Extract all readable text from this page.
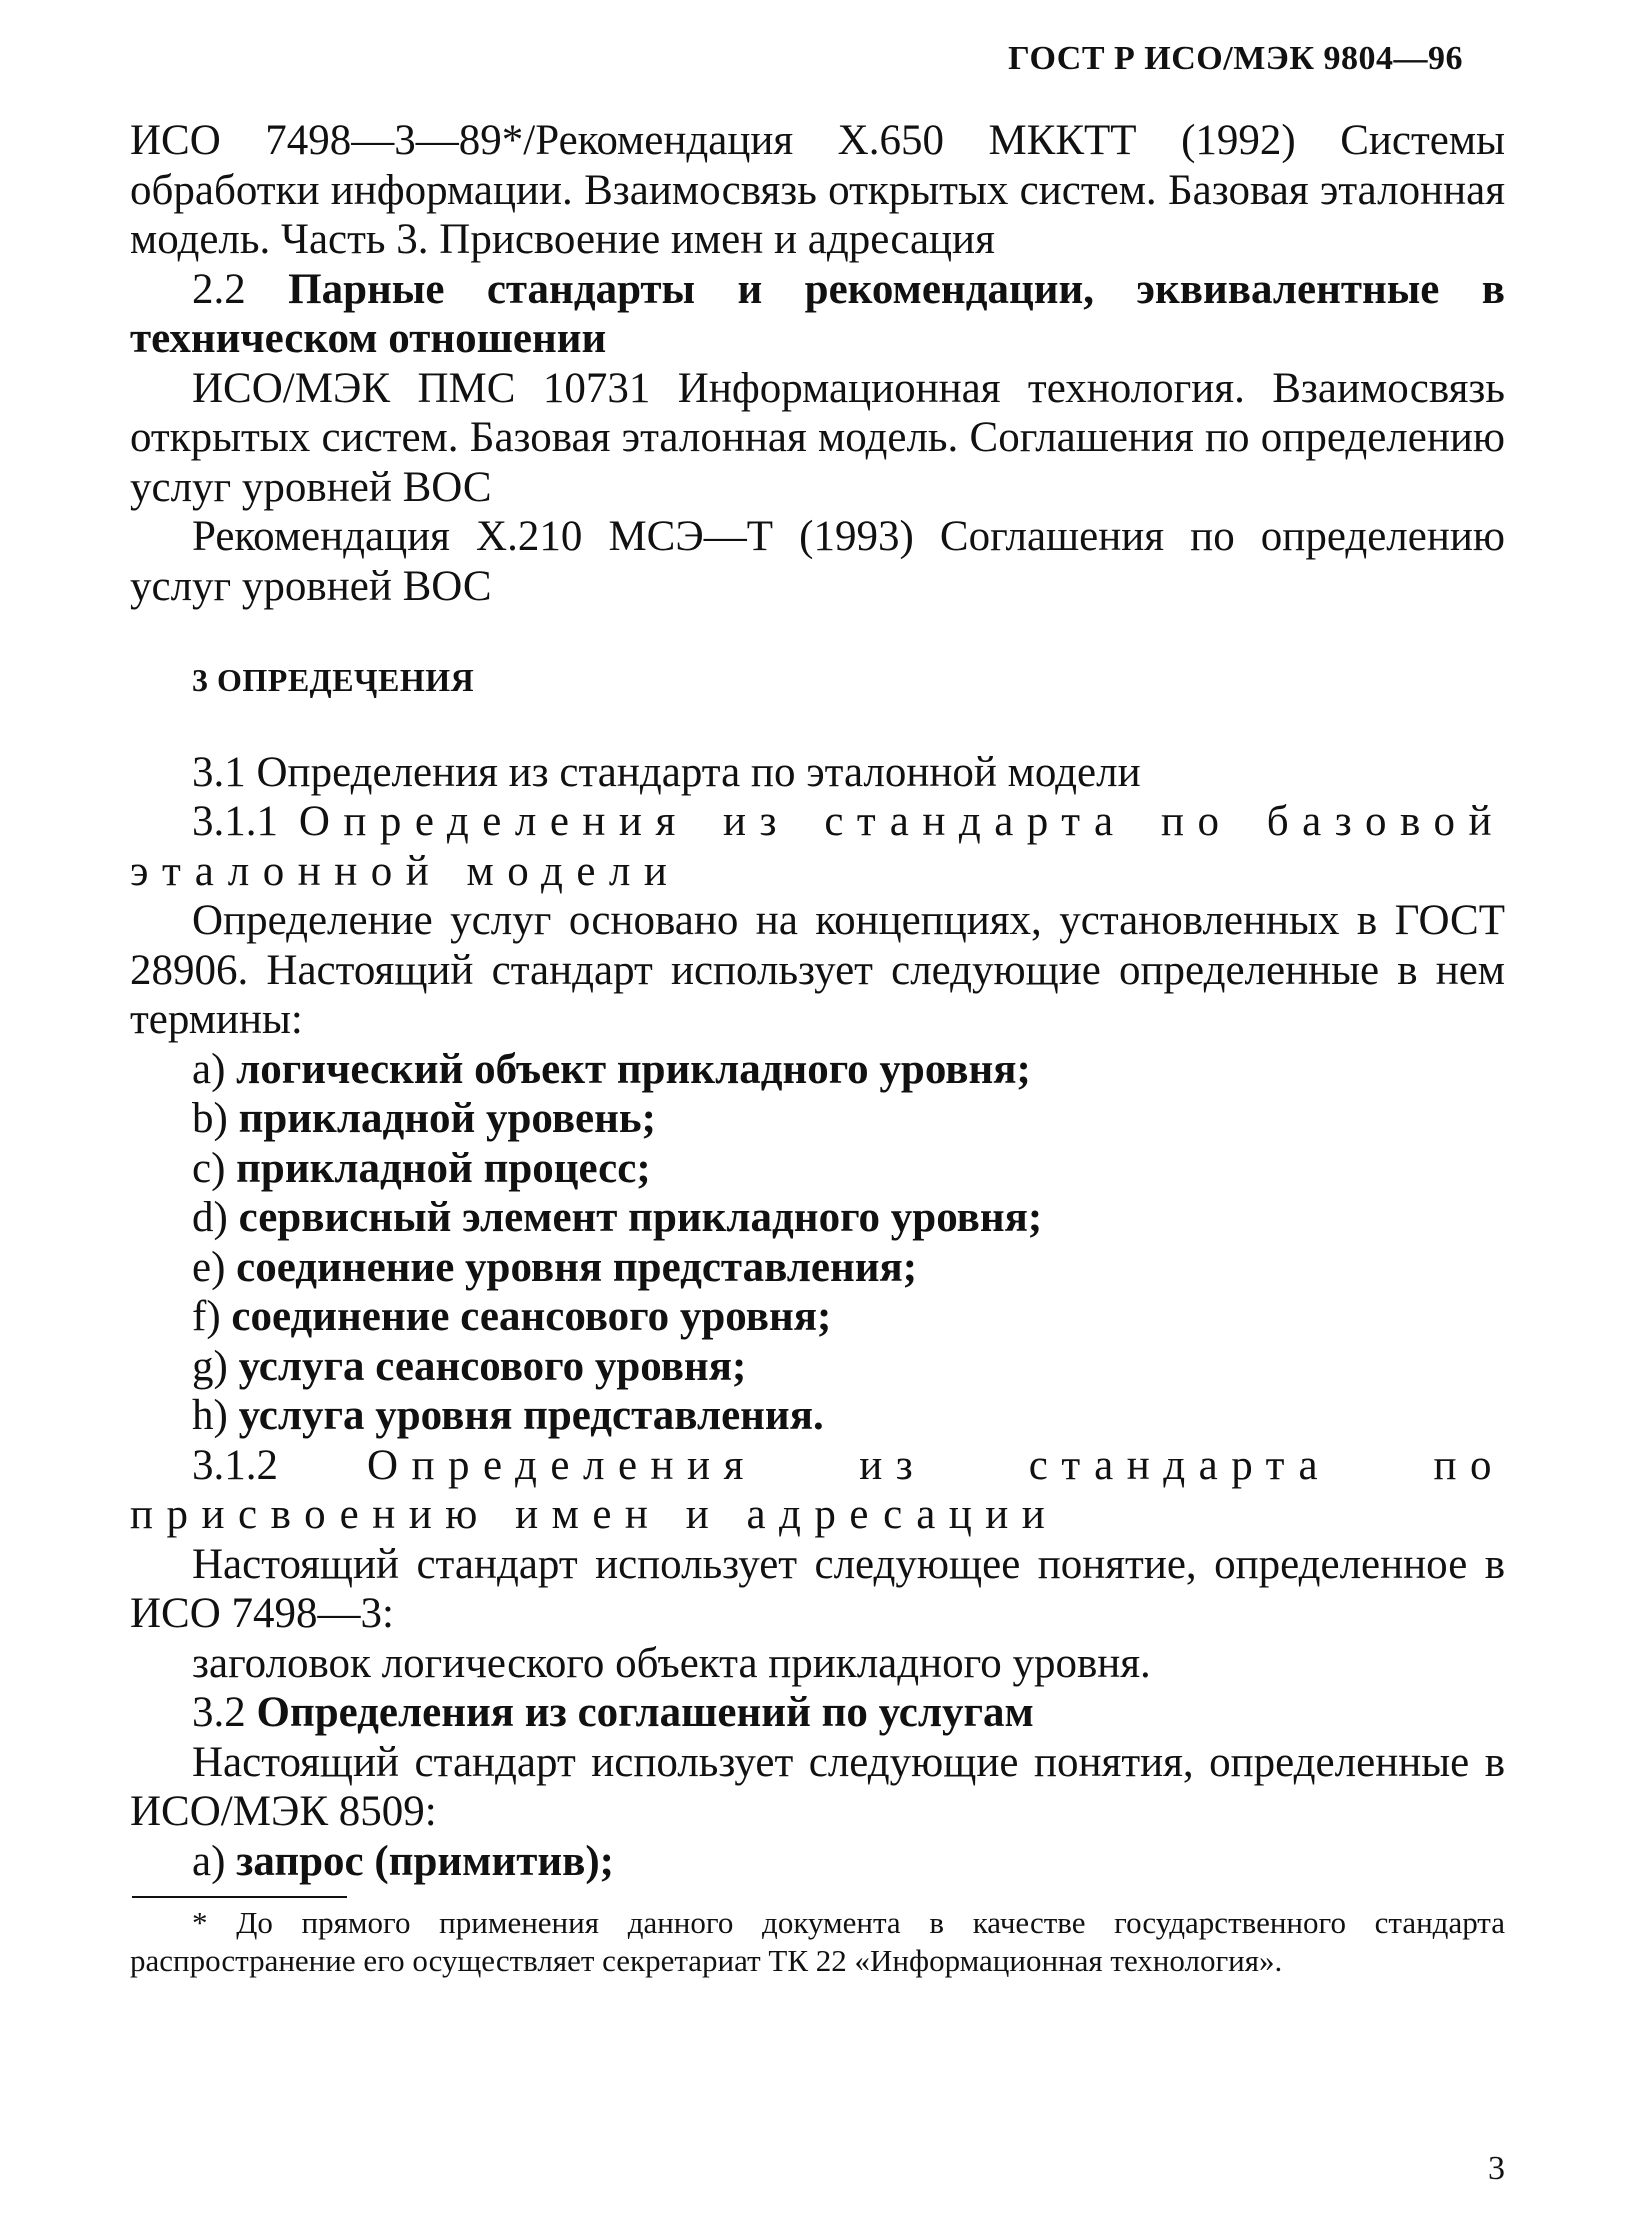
ГОСТ Р ИСО/МЭК 9804—96

ИСО 7498—3—89*/Рекомендация Х.650 МККТТ (1992) Системы обработки информации. Взаимосвязь открытых систем. Базовая эталонная модель. Часть 3. Присвоение имен и адресация

2.2 Парные стандарты и рекомендации, эквивалентные в техническом отношении

ИСО/МЭК ПМС 10731 Информационная технология. Взаимосвязь открытых систем. Базовая эталонная модель. Соглашения по определению услуг уровней ВОС

Рекомендация Х.210 МСЭ—Т (1993) Соглашения по определению услуг уровней ВОС

3 ОПРЕДЕҶЕНИЯ

3.1 Определения из стандарта по эталонной модели

3.1.1 Определения из стандарта по базовой эталонной модели

Определение услуг основано на концепциях, установленных в ГОСТ 28906. Настоящий стандарт использует следующие определенные в нем термины:

a) логический объект прикладного уровня;
b) прикладной уровень;
c) прикладной процесс;
d) сервисный элемент прикладного уровня;
e) соединение уровня представления;
f) соединение сеансового уровня;
g) услуга сеансового уровня;
h) услуга уровня представления.

3.1.2 Определения из стандарта по присвоению имен и адресации

Настоящий стандарт использует следующее понятие, определенное в ИСО 7498—3:

заголовок логического объекта прикладного уровня.

3.2 Определения из соглашений по услугам

Настоящий стандарт использует следующие понятия, определенные в ИСО/МЭК 8509:

a) запрос (примитив);

* До прямого применения данного документа в качестве государственного стандарта распространение его осуществляет секретариат ТК 22 «Информационная технология».

3
